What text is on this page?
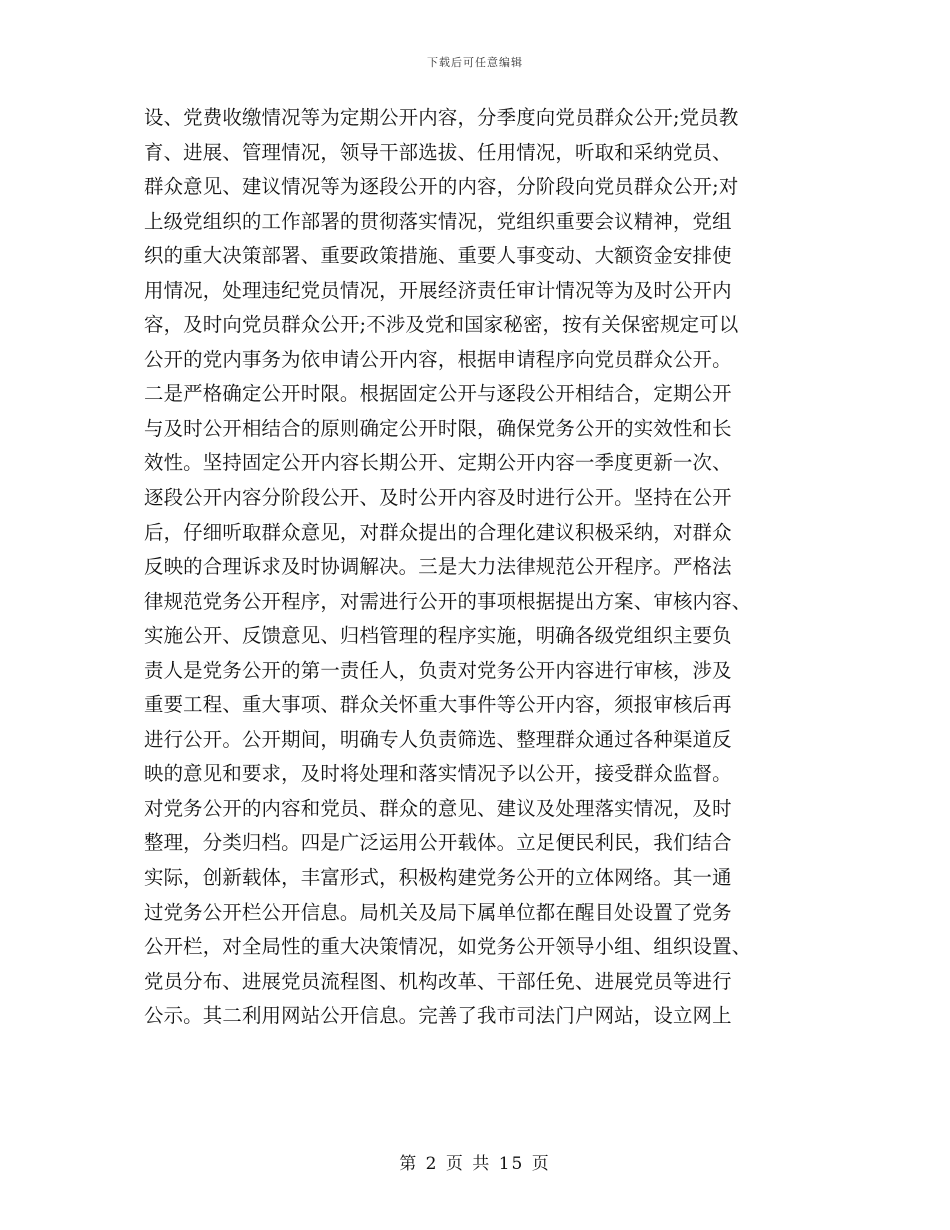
下载后可任意编辑
设、党费收缴情况等为定期公开内容，分季度向党员群众公开;党员教
育、进展、管理情况，领导干部选拔、任用情况，听取和采纳党员、
群众意见、建议情况等为逐段公开的内容，分阶段向党员群众公开;对
上级党组织的工作部署的贯彻落实情况，党组织重要会议精神，党组
织的重大决策部署、重要政策措施、重要人事变动、大额资金安排使
用情况，处理违纪党员情况，开展经济责任审计情况等为及时公开内
容，及时向党员群众公开;不涉及党和国家秘密，按有关保密规定可以
公开的党内事务为依申请公开内容，根据申请程序向党员群众公开。
二是严格确定公开时限。根据固定公开与逐段公开相结合，定期公开
与及时公开相结合的原则确定公开时限，确保党务公开的实效性和长
效性。坚持固定公开内容长期公开、定期公开内容一季度更新一次、
逐段公开内容分阶段公开、及时公开内容及时进行公开。坚持在公开
后，仔细听取群众意见，对群众提出的合理化建议积极采纳，对群众
反映的合理诉求及时协调解决。三是大力法律规范公开程序。严格法
律规范党务公开程序，对需进行公开的事项根据提出方案、审核内容、
实施公开、反馈意见、归档管理的程序实施，明确各级党组织主要负
责人是党务公开的第一责任人，负责对党务公开内容进行审核，涉及
重要工程、重大事项、群众关怀重大事件等公开内容，须报审核后再
进行公开。公开期间，明确专人负责筛选、整理群众通过各种渠道反
映的意见和要求，及时将处理和落实情况予以公开，接受群众监督。
对党务公开的内容和党员、群众的意见、建议及处理落实情况，及时
整理，分类归档。四是广泛运用公开载体。立足便民利民，我们结合
实际，创新载体，丰富形式，积极构建党务公开的立体网络。其一通
过党务公开栏公开信息。局机关及局下属单位都在醒目处设置了党务
公开栏，对全局性的重大决策情况，如党务公开领导小组、组织设置、
党员分布、进展党员流程图、机构改革、干部任免、进展党员等进行
公示。其二利用网站公开信息。完善了我市司法门户网站，设立网上
第 2 页 共 15 页
